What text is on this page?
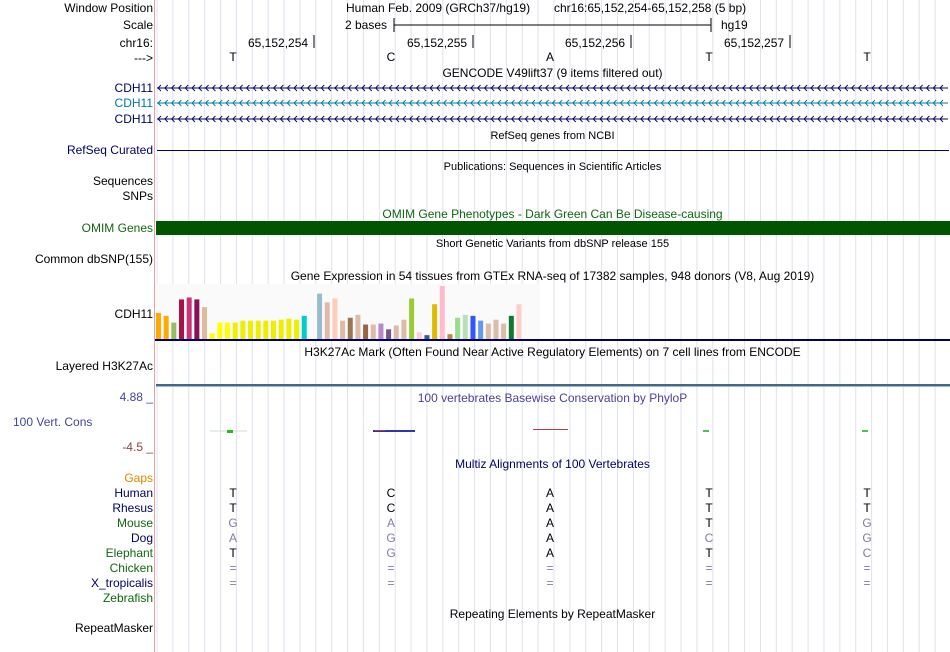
Window Position	Human Feb. 2009 (GRCh37/hg19) chr16:65,152,254-65,152,258 (5 bp)
Scale	2 bases	hg19
chr16:	65,152,254	65,152,255	65,152,256	65,152,257
--->	T	C	A	T	T
GENCODE V49lift37 (9 items filtered out)
CDH11
CDH11
CDH11
RefSeq genes from NCBI
RefSeq Curated
Publications: Sequences in Scientific Articles
Sequences
SNPs
OMIM Gene Phenotypes - Dark Green Can Be Disease-causing
OMIM Genes
Short Genetic Variants from dbSNP release 155
Common dbSNP(155)
Gene Expression in 54 tissues from GTEx RNA-seq of 17382 samples, 948 donors (V8, Aug 2019)
CDH11
H3K27Ac Mark (Often Found Near Active Regulatory Elements) on 7 cell lines from ENCODE
Layered H3K27Ac
4.88 _	100 vertebrates Basewise Conservation by PhyloP
100 Vert. Cons
-4.5 _
Multiz Alignments of 100 Vertebrates
Gaps
Human	T	C	A	T	T
Rhesus	T	C	A	T	T
Mouse	G	A	A	T	G
Dog	A	G	A	C	G
Elephant	T	G	A	T	C
Chicken	=	=	=	=	=
X_tropicalis	=	=	=	=	=
Zebrafish
Repeating Elements by RepeatMasker
RepeatMasker
